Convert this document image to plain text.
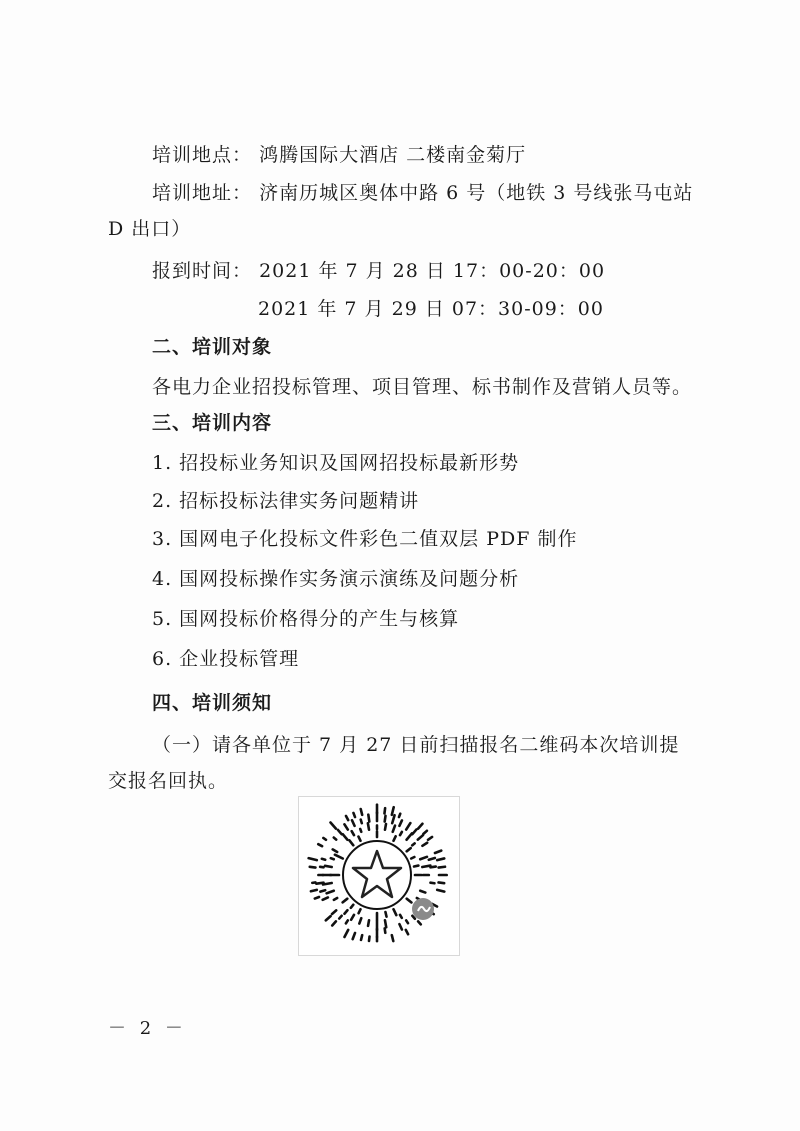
培训地点： 鸿腾国际大酒店 二楼南金菊厅
培训地址： 济南历城区奥体中路 6 号（地铁 3 号线张马屯站
D 出口）
报到时间： 2021 年 7 月 28 日 17：00-20：00
2021 年 7 月 29 日 07：30-09：00
二、培训对象
各电力企业招投标管理、项目管理、标书制作及营销人员等。
三、培训内容
1. 招投标业务知识及国网招投标最新形势
2. 招标投标法律实务问题精讲
3. 国网电子化投标文件彩色二值双层 PDF 制作
4. 国网投标操作实务演示演练及问题分析
5. 国网投标价格得分的产生与核算
6. 企业投标管理
四、培训须知
（一）请各单位于 7 月 27 日前扫描报名二维码本次培训提
交报名回执。
－ 2 －
